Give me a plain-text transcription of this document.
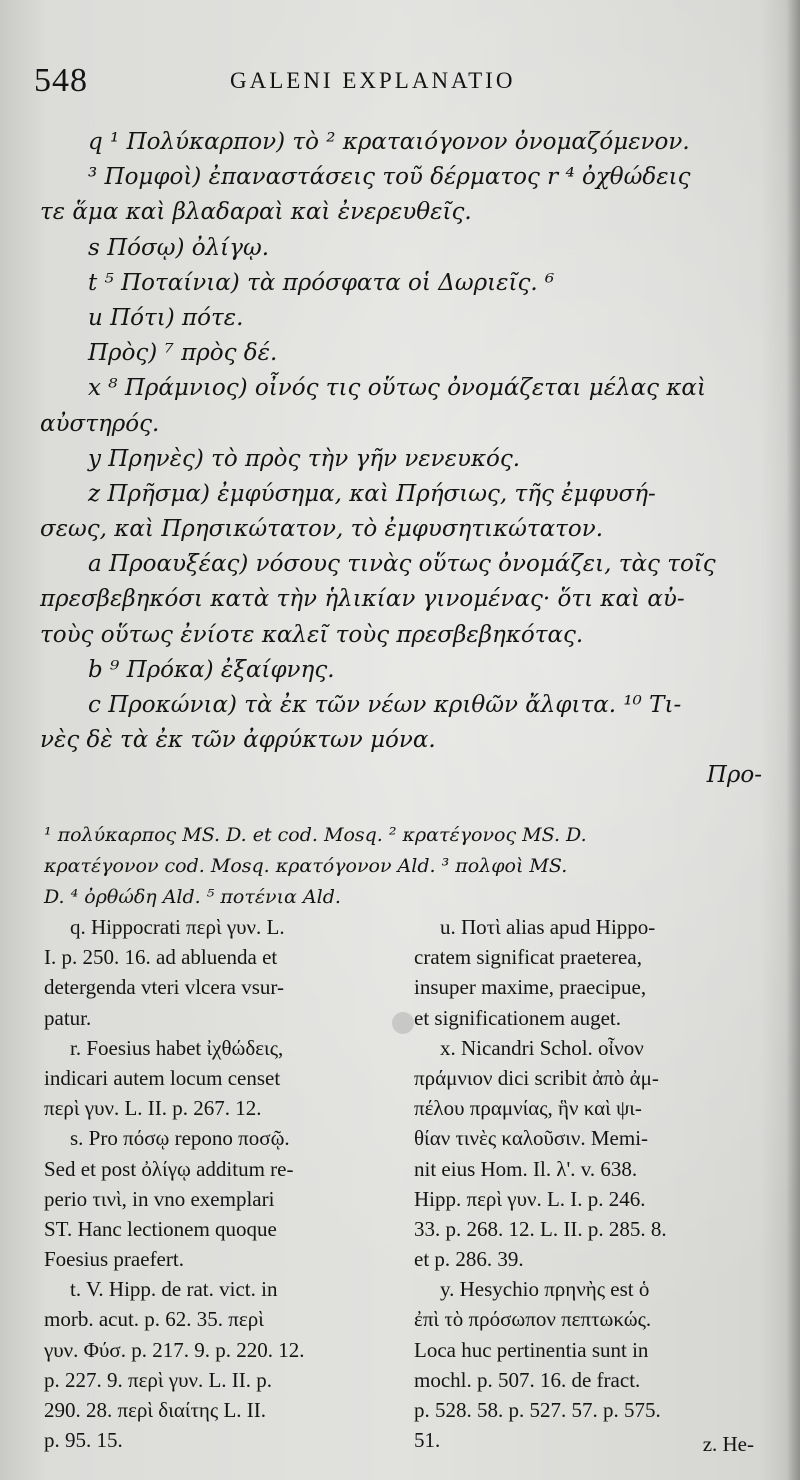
548	GALENI EXPLANATIO
q ¹ Πολύκαρπον) τὸ ² κραταιόγονον ὀνομαζόμενον.
³ Πομφοὶ) ἐπαναστάσεις τοῦ δέρματος r ⁴ ὀχθώδεις
τε ἅμα καὶ βλαδαραὶ καὶ ἐνερευθεῖς.
s Πόσῳ) ὀλίγῳ.
t ⁵ Ποταίνια) τὰ πρόσφατα οἱ Δωριεῖς. ⁶
u Πότι) πότε.
Πρὸς) ⁷ πρὸς δέ.
x ⁸ Πράμνιος) οἶνός τις οὕτως ὀνομάζεται μέλας καὶ
αὐστηρός.
y Πρηνὲς) τὸ πρὸς τὴν γῆν νενευκός.
z Πρῆσμα) ἐμφύσημα, καὶ Πρήσιως, τῆς ἐμφυσή-
σεως, καὶ Πρησικώτατον, τὸ ἐμφυσητικώτατον.
a Προαυξέας) νόσους τινὰς οὕτως ὀνομάζει, τὰς τοῖς
πρεσβεβηκόσι κατὰ τὴν ἡλικίαν γινομένας· ὅτι καὶ αὐ-
τοὺς οὕτως ἐνίοτε καλεῖ τοὺς πρεσβεβηκότας.
b ⁹ Πρόκα) ἐξαίφνης.
c Προκώνια) τὰ ἐκ τῶν νέων κριθῶν ἄλφιτα. ¹⁰ Τι-
νὲς δὲ τὰ ἐκ τῶν ἀφρύκτων μόνα.
Προ-
¹ πολύκαρπος MS. D. et cod. Mosq. ² κρατέγονος MS. D.
κρατέγονον cod. Mosq. κρατόγονον Ald. ³ πολφοὶ MS.
D. ⁴ ὀρθώδη Ald. ⁵ ποτένια Ald.
q. Hippocrati περὶ γυν. L.
I. p. 250. 16. ad abluenda et
detergenda vteri vlcera vsur-
patur.
r. Foesius habet ἰχθώδεις,
indicari autem locum censet
περὶ γυν. L. II. p. 267. 12.
s. Pro πόσῳ repono ποσῷ.
Sed et post ὀλίγῳ additum re-
perio τινὶ, in vno exemplari
ST. Hanc lectionem quoque
Foesius praefert.
t. V. Hipp. de rat. vict. in
morb. acut. p. 62. 35. περὶ
γυν. Φύσ. p. 217. 9. p. 220. 12.
p. 227. 9. περὶ γυν. L. II. p.
290. 28. περὶ διαίτης L. II.
p. 95. 15.
u. Ποτὶ alias apud Hippo-
cratem significat praeterea,
insuper maxime, praecipue,
et significationem auget.
x. Nicandri Schol. οἶνον
πράμνιον dici scribit ἀπὸ ἀμ-
πέλου πραμνίας, ἣν καὶ ψι-
θίαν τινὲς καλοῦσιν. Memi-
nit eius Hom. Il. λ'. v. 638.
Hipp. περὶ γυν. L. I. p. 246.
33. p. 268. 12. L. II. p. 285. 8.
et p. 286. 39.
y. Hesychio πρηνὴς est ὁ
ἐπὶ τὸ πρόσωπον πεπτωκώς.
Loca huc pertinentia sunt in
mochl. p. 507. 16. de fract.
p. 528. 58. p. 527. 57. p. 575.
51.	z. He-
